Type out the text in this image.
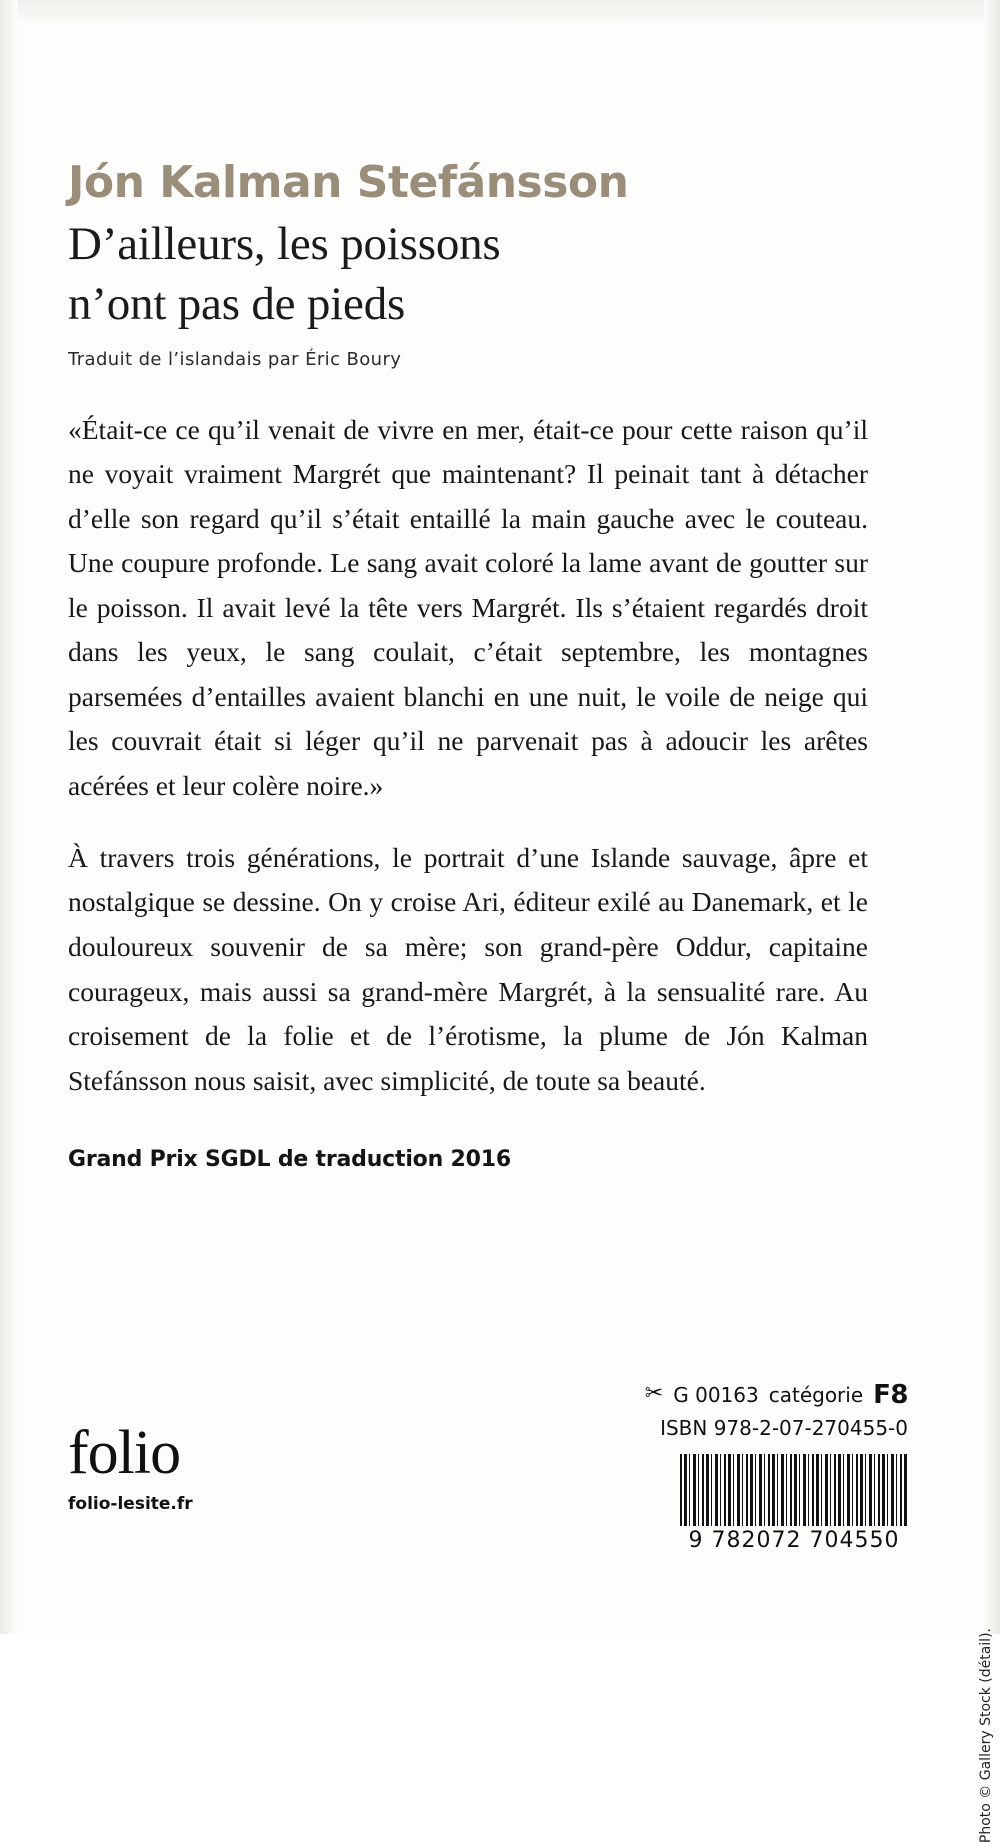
Jón Kalman Stefánsson
D’ailleurs, les poissons
n’ont pas de pieds
Traduit de l’islandais par Éric Boury

«Était-ce ce qu’il venait de vivre en mer, était-ce pour cette raison qu’il ne voyait vraiment Margrét que maintenant? Il peinait tant à détacher d’elle son regard qu’il s’était entaillé la main gauche avec le couteau. Une coupure profonde. Le sang avait coloré la lame avant de goutter sur le poisson. Il avait levé la tête vers Margrét. Ils s’étaient regardés droit dans les yeux, le sang coulait, c’était septembre, les montagnes parsemées d’entailles avaient blanchi en une nuit, le voile de neige qui les couvrait était si léger qu’il ne parvenait pas à adoucir les arêtes acérées et leur colère noire.»

À travers trois générations, le portrait d’une Islande sauvage, âpre et nostalgique se dessine. On y croise Ari, éditeur exilé au Danemark, et le douloureux souvenir de sa mère; son grand-père Oddur, capitaine courageux, mais aussi sa grand-mère Margrét, à la sensualité rare. Au croisement de la folie et de l’érotisme, la plume de Jón Kalman Stefánsson nous saisit, avec simplicité, de toute sa beauté.

Grand Prix SGDL de traduction 2016
folio
folio-lesite.fr
✂ G 00163 catégorie F8
ISBN 978-2-07-270455-0
9 782072 704550
Photo © Gallery Stock (détail).
